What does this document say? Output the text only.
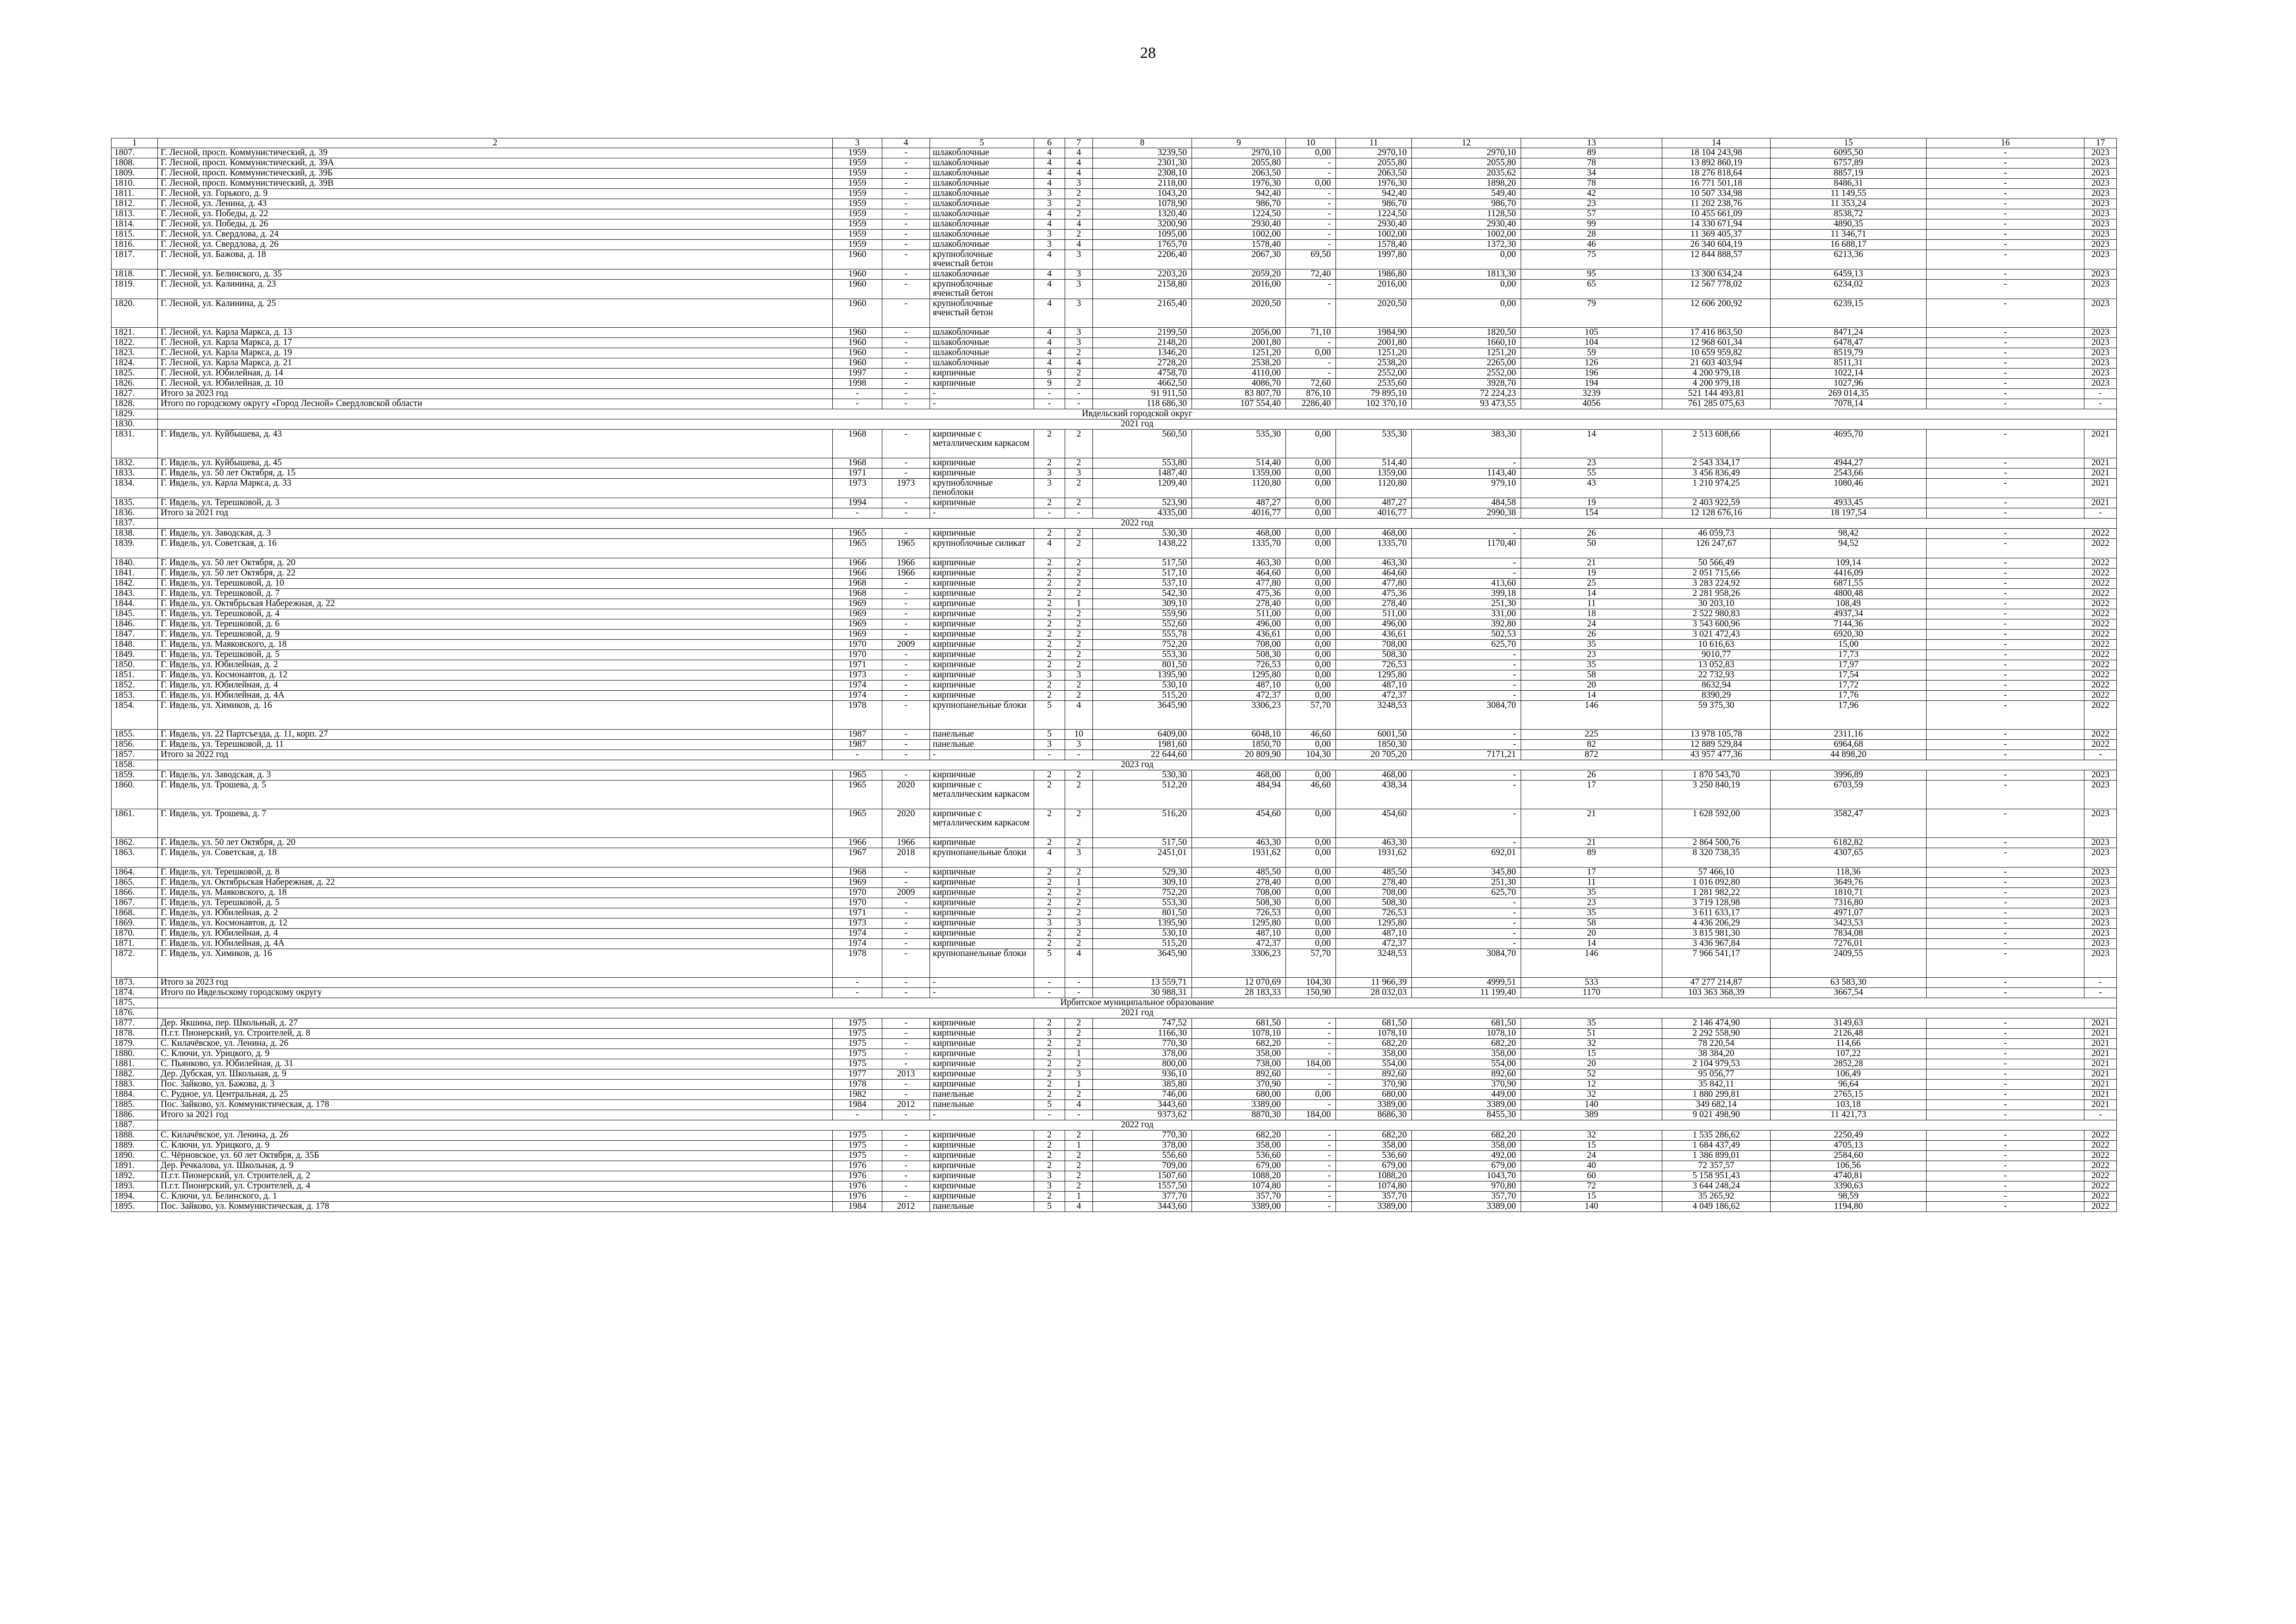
28
1	2	3	4	5	6	7	8	9	10	11	12	13	14	15	16	17
1807.	Г. Лесной, просп. Коммунистический, д. 39	1959	-	шлакоблочные	4	4	3239,50	2970,10	0,00	2970,10	2970,10	89	18 104 243,98	6095,50	-	2023
1808.	Г. Лесной, просп. Коммунистический, д. 39А	1959	-	шлакоблочные	4	4	2301,30	2055,80	-	2055,80	2055,80	78	13 892 860,19	6757,89	-	2023
1809.	Г. Лесной, просп. Коммунистический, д. 39Б	1959	-	шлакоблочные	4	4	2308,10	2063,50	-	2063,50	2035,62	34	18 276 818,64	8857,19	-	2023
1810.	Г. Лесной, просп. Коммунистический, д. 39В	1959	-	шлакоблочные	4	3	2118,00	1976,30	0,00	1976,30	1898,20	78	16 771 501,18	8486,31	-	2023
1811.	Г. Лесной, ул. Горького, д. 9	1959	-	шлакоблочные	3	2	1043,20	942,40	-	942,40	549,40	42	10 507 334,98	11 149,55	-	2023
1812.	Г. Лесной, ул. Ленина, д. 43	1959	-	шлакоблочные	3	2	1078,90	986,70	-	986,70	986,70	23	11 202 238,76	11 353,24	-	2023
1813.	Г. Лесной, ул. Победы, д. 22	1959	-	шлакоблочные	4	2	1320,40	1224,50	-	1224,50	1128,50	57	10 455 661,09	8538,72	-	2023
1814.	Г. Лесной, ул. Победы, д. 26	1959	-	шлакоблочные	4	4	3200,90	2930,40	-	2930,40	2930,40	99	14 330 671,94	4890,35	-	2023
1815.	Г. Лесной, ул. Свердлова, д. 24	1959	-	шлакоблочные	3	2	1095,00	1002,00	-	1002,00	1002,00	28	11 369 405,37	11 346,71	-	2023
1816.	Г. Лесной, ул. Свердлова, д. 26	1959	-	шлакоблочные	3	4	1765,70	1578,40	-	1578,40	1372,30	46	26 340 604,19	16 688,17	-	2023
1817.	Г. Лесной, ул. Бажова, д. 18	1960	-	крупноблочные ячеистый бетон	4	3	2206,40	2067,30	69,50	1997,80	0,00	75	12 844 888,57	6213,36	-	2023
1818.	Г. Лесной, ул. Белинского, д. 35	1960	-	шлакоблочные	4	3	2203,20	2059,20	72,40	1986,80	1813,30	95	13 300 634,24	6459,13	-	2023
1819.	Г. Лесной, ул. Калинина, д. 23	1960	-	крупноблочные ячеистый бетон	4	3	2158,80	2016,00	-	2016,00	0,00	65	12 567 778,02	6234,02	-	2023
1820.	Г. Лесной, ул. Калинина, д. 25	1960	-	крупноблочные ячеистый бетон	4	3	2165,40	2020,50	-	2020,50	0,00	79	12 606 200,92	6239,15	-	2023
1821.	Г. Лесной, ул. Карла Маркса, д. 13	1960	-	шлакоблочные	4	3	2199,50	2056,00	71,10	1984,90	1820,50	105	17 416 863,50	8471,24	-	2023
1822.	Г. Лесной, ул. Карла Маркса, д. 17	1960	-	шлакоблочные	4	3	2148,20	2001,80	-	2001,80	1660,10	104	12 968 601,34	6478,47	-	2023
1823.	Г. Лесной, ул. Карла Маркса, д. 19	1960	-	шлакоблочные	4	2	1346,20	1251,20	0,00	1251,20	1251,20	59	10 659 959,82	8519,79	-	2023
1824.	Г. Лесной, ул. Карла Маркса, д. 21	1960	-	шлакоблочные	4	4	2728,20	2538,20	-	2538,20	2265,00	126	21 603 403,94	8511,31	-	2023
1825.	Г. Лесной, ул. Юбилейная, д. 14	1997	-	кирпичные	9	2	4758,70	4110,00	-	2552,00	2552,00	196	4 200 979,18	1022,14	-	2023
1826.	Г. Лесной, ул. Юбилейная, д. 10	1998	-	кирпичные	9	2	4662,50	4086,70	72,60	2535,60	3928,70	194	4 200 979,18	1027,96	-	2023
1827.	Итого за 2023 год	-	-	-	-	-	91 911,50	83 807,70	876,10	79 895,10	72 224,23	3239	521 144 493,81	269 014,35	-	-
1828.	Итого по городскому округу «Город Лесной» Свердловской области	-	-	-	-	-	118 686,30	107 554,40	2286,40	102 370,10	93 473,55	4056	761 285 075,63	7078,14	-	-
1829.	Ивдельский городской округ															
1830.	2021 год															
1831.	Г. Ивдель, ул. Куйбышева, д. 43	1968	-	кирпичные с металлическим каркасом	2	2	560,50	535,30	0,00	535,30	383,30	14	2 513 608,66	4695,70	-	2021
1832.	Г. Ивдель, ул. Куйбышева, д. 45	1968	-	кирпичные	2	2	553,80	514,40	0,00	514,40	-	23	2 543 334,17	4944,27	-	2021
1833.	Г. Ивдель, ул. 50 лет Октября, д. 15	1971	-	кирпичные	3	3	1487,40	1359,00	0,00	1359,00	1143,40	55	3 456 836,49	2543,66	-	2021
1834.	Г. Ивдель, ул. Карла Маркса, д. 33	1973	1973	крупноблочные пеноблоки	3	2	1209,40	1120,80	0,00	1120,80	979,10	43	1 210 974,25	1080,46	-	2021
1835.	Г. Ивдель, ул. Терешковой, д. 3	1994	-	кирпичные	2	2	523,90	487,27	0,00	487,27	484,58	19	2 403 922,59	4933,45	-	2021
1836.	Итого за 2021 год	-	-	-	-	-	4335,00	4016,77	0,00	4016,77	2990,38	154	12 128 676,16	18 197,54	-	-
1837.	2022 год															
1838.	Г. Ивдель, ул. Заводская, д. 3	1965	-	кирпичные	2	2	530,30	468,00	0,00	468,00	-	26	46 059,73	98,42	-	2022
1839.	Г. Ивдель, ул. Советская, д. 16	1965	1965	крупноблочные силикат	4	2	1438,22	1335,70	0,00	1335,70	1170,40	50	126 247,67	94,52	-	2022
1840.	Г. Ивдель, ул. 50 лет Октября, д. 20	1966	1966	кирпичные	2	2	517,50	463,30	0,00	463,30	-	21	50 566,49	109,14	-	2022
1841.	Г. Ивдель, ул. 50 лет Октября, д. 22	1966	1966	кирпичные	2	2	517,10	464,60	0,00	464,60	-	19	2 051 715,66	4416,09	-	2022
1842.	Г. Ивдель, ул. Терешковой, д. 10	1968	-	кирпичные	2	2	537,10	477,80	0,00	477,80	413,60	25	3 283 224,92	6871,55	-	2022
1843.	Г. Ивдель, ул. Терешковой, д. 7	1968	-	кирпичные	2	2	542,30	475,36	0,00	475,36	399,18	14	2 281 958,26	4800,48	-	2022
1844.	Г. Ивдель, ул. Октябрьская Набережная, д. 22	1969	-	кирпичные	2	1	309,10	278,40	0,00	278,40	251,30	11	30 203,10	108,49	-	2022
1845.	Г. Ивдель, ул. Терешковой, д. 4	1969	-	кирпичные	2	2	559,90	511,00	0,00	511,00	331,00	18	2 522 980,83	4937,34	-	2022
1846.	Г. Ивдель, ул. Терешковой, д. 6	1969	-	кирпичные	2	2	552,60	496,00	0,00	496,00	392,80	24	3 543 600,96	7144,36	-	2022
1847.	Г. Ивдель, ул. Терешковой, д. 9	1969	-	кирпичные	2	2	555,78	436,61	0,00	436,61	502,53	26	3 021 472,43	6920,30	-	2022
1848.	Г. Ивдель, ул. Маяковского, д. 18	1970	2009	кирпичные	2	2	752,20	708,00	0,00	708,00	625,70	35	10 616,63	15,00	-	2022
1849.	Г. Ивдель, ул. Терешковой, д. 5	1970	-	кирпичные	2	2	553,30	508,30	0,00	508,30	-	23	9010,77	17,73	-	2022
1850.	Г. Ивдель, ул. Юбилейная, д. 2	1971	-	кирпичные	2	2	801,50	726,53	0,00	726,53	-	35	13 052,83	17,97	-	2022
1851.	Г. Ивдель, ул. Космонавтов, д. 12	1973	-	кирпичные	3	3	1395,90	1295,80	0,00	1295,80	-	58	22 732,93	17,54	-	2022
1852.	Г. Ивдель, ул. Юбилейная, д. 4	1974	-	кирпичные	2	2	530,10	487,10	0,00	487,10	-	20	8632,94	17,72	-	2022
1853.	Г. Ивдель, ул. Юбилейная, д. 4А	1974	-	кирпичные	2	2	515,20	472,37	0,00	472,37	-	14	8390,29	17,76	-	2022
1854.	Г. Ивдель, ул. Химиков, д. 16	1978	-	крупнопанельные блоки	5	4	3645,90	3306,23	57,70	3248,53	3084,70	146	59 375,30	17,96	-	2022
1855.	Г. Ивдель, ул. 22 Партсъезда, д. 11, корп. 27	1987	-	панельные	5	10	6409,00	6048,10	46,60	6001,50	-	225	13 978 105,78	2311,16	-	2022
1856.	Г. Ивдель, ул. Терешковой, д. 11	1987	-	панельные	3	3	1981,60	1850,70	0,00	1850,30	-	82	12 889 529,84	6964,68	-	2022
1857.	Итого за 2022 год	-	-	-	-	-	22 644,60	20 809,90	104,30	20 705,20	7171,21	872	43 957 477,36	44 898,20	-	-
1858.	2023 год															
1859.	Г. Ивдель, ул. Заводская, д. 3	1965	-	кирпичные	2	2	530,30	468,00	0,00	468,00	-	26	1 870 543,70	3996,89	-	2023
1860.	Г. Ивдель, ул. Трошева, д. 5	1965	2020	кирпичные с металлическим каркасом	2	2	512,20	484,94	46,60	438,34	-	17	3 250 840,19	6703,59	-	2023
1861.	Г. Ивдель, ул. Трошева, д. 7	1965	2020	кирпичные с металлическим каркасом	2	2	516,20	454,60	0,00	454,60	-	21	1 628 592,00	3582,47	-	2023
1862.	Г. Ивдель, ул. 50 лет Октября, д. 20	1966	1966	кирпичные	2	2	517,50	463,30	0,00	463,30	-	21	2 864 500,76	6182,82	-	2023
1863.	Г. Ивдель, ул. Советская, д. 18	1967	2018	крупнопанельные блоки	4	3	2451,01	1931,62	0,00	1931,62	692,01	89	8 320 738,35	4307,65	-	2023
1864.	Г. Ивдель, ул. Терешковой, д. 8	1968	-	кирпичные	2	2	529,30	485,50	0,00	485,50	345,80	17	57 466,10	118,36	-	2023
1865.	Г. Ивдель, ул. Октябрьская Набережная, д. 22	1969	-	кирпичные	2	1	309,10	278,40	0,00	278,40	251,30	11	1 016 092,80	3649,76	-	2023
1866.	Г. Ивдель, ул. Маяковского, д. 18	1970	2009	кирпичные	2	2	752,20	708,00	0,00	708,00	625,70	35	1 281 982,22	1810,71	-	2023
1867.	Г. Ивдель, ул. Терешковой, д. 5	1970	-	кирпичные	2	2	553,30	508,30	0,00	508,30	-	23	3 719 128,98	7316,80	-	2023
1868.	Г. Ивдель, ул. Юбилейная, д. 2	1971	-	кирпичные	2	2	801,50	726,53	0,00	726,53	-	35	3 611 633,17	4971,07	-	2023
1869.	Г. Ивдель, ул. Космонавтов, д. 12	1973	-	кирпичные	3	3	1395,90	1295,80	0,00	1295,80	-	58	4 436 206,29	3423,53	-	2023
1870.	Г. Ивдель, ул. Юбилейная, д. 4	1974	-	кирпичные	2	2	530,10	487,10	0,00	487,10	-	20	3 815 981,30	7834,08	-	2023
1871.	Г. Ивдель, ул. Юбилейная, д. 4А	1974	-	кирпичные	2	2	515,20	472,37	0,00	472,37	-	14	3 436 967,84	7276,01	-	2023
1872.	Г. Ивдель, ул. Химиков, д. 16	1978	-	крупнопанельные блоки	5	4	3645,90	3306,23	57,70	3248,53	3084,70	146	7 966 541,17	2409,55	-	2023
1873.	Итого за 2023 год	-	-	-	-	-	13 559,71	12 070,69	104,30	11 966,39	4999,51	533	47 277 214,87	63 583,30	-	-
1874.	Итого по Ивдельскому городскому округу	-	-	-	-	-	30 988,31	28 183,33	150,90	28 032,03	11 199,40	1170	103 363 368,39	3667,54	-	-
1875.	Ирбитское муниципальное образование															
1876.	2021 год															
1877.	Дер. Якшина, пер. Школьный, д. 27	1975	-	кирпичные	2	2	747,52	681,50	-	681,50	681,50	35	2 146 474,90	3149,63	-	2021
1878.	П.г.т. Пионерский, ул. Строителей, д. 8	1975	-	кирпичные	3	2	1166,30	1078,10	-	1078,10	1078,10	51	2 292 558,90	2126,48	-	2021
1879.	С. Килачёвское, ул. Ленина, д. 26	1975	-	кирпичные	2	2	770,30	682,20	-	682,20	682,20	32	78 220,54	114,66	-	2021
1880.	С. Ключи, ул. Урицкого, д. 9	1975	-	кирпичные	2	1	378,00	358,00	-	358,00	358,00	15	38 384,20	107,22	-	2021
1881.	С. Пьянково, ул. Юбилейная, д. 31	1975	-	кирпичные	2	2	800,00	738,00	184,00	554,00	554,00	20	2 104 979,53	2852,28	-	2021
1882.	Дер. Дубская, ул. Школьная, д. 9	1977	2013	кирпичные	2	3	936,10	892,60	-	892,60	892,60	52	95 056,77	106,49	-	2021
1883.	Пос. Зайково, ул. Бажова, д. 3	1978	-	кирпичные	2	1	385,80	370,90	-	370,90	370,90	12	35 842,11	96,64	-	2021
1884.	С. Рудное, ул. Центральная, д. 25	1982	-	панельные	2	2	746,00	680,00	0,00	680,00	449,00	32	1 880 299,81	2765,15	-	2021
1885.	Пос. Зайково, ул. Коммунистическая, д. 178	1984	2012	панельные	5	4	3443,60	3389,00	-	3389,00	3389,00	140	349 682,14	103,18	-	2021
1886.	Итого за 2021 год	-	-	-	-	-	9373,62	8870,30	184,00	8686,30	8455,30	389	9 021 498,90	11 421,73	-	-
1887.	2022 год															
1888.	С. Килачёвское, ул. Ленина, д. 26	1975	-	кирпичные	2	2	770,30	682,20	-	682,20	682,20	32	1 535 286,62	2250,49	-	2022
1889.	С. Ключи, ул. Урицкого, д. 9	1975	-	кирпичные	2	1	378,00	358,00	-	358,00	358,00	15	1 684 437,49	4705,13	-	2022
1890.	С. Чёрновское, ул. 60 лет Октября, д. 35Б	1975	-	кирпичные	2	2	556,60	536,60	-	536,60	492,00	24	1 386 899,01	2584,60	-	2022
1891.	Дер. Речкалова, ул. Школьная, д. 9	1976	-	кирпичные	2	2	709,00	679,00	-	679,00	679,00	40	72 357,57	106,56	-	2022
1892.	П.г.т. Пионерский, ул. Строителей, д. 2	1976	-	кирпичные	3	2	1507,60	1088,20	-	1088,20	1043,70	60	5 158 951,43	4740,81	-	2022
1893.	П.г.т. Пионерский, ул. Строителей, д. 4	1976	-	кирпичные	3	2	1557,50	1074,80	-	1074,80	970,80	72	3 644 248,24	3390,63	-	2022
1894.	С. Ключи, ул. Белинского, д. 1	1976	-	кирпичные	2	1	377,70	357,70	-	357,70	357,70	15	35 265,92	98,59	-	2022
1895.	Пос. Зайково, ул. Коммунистическая, д. 178	1984	2012	панельные	5	4	3443,60	3389,00	-	3389,00	3389,00	140	4 049 186,62	1194,80	-	2022
